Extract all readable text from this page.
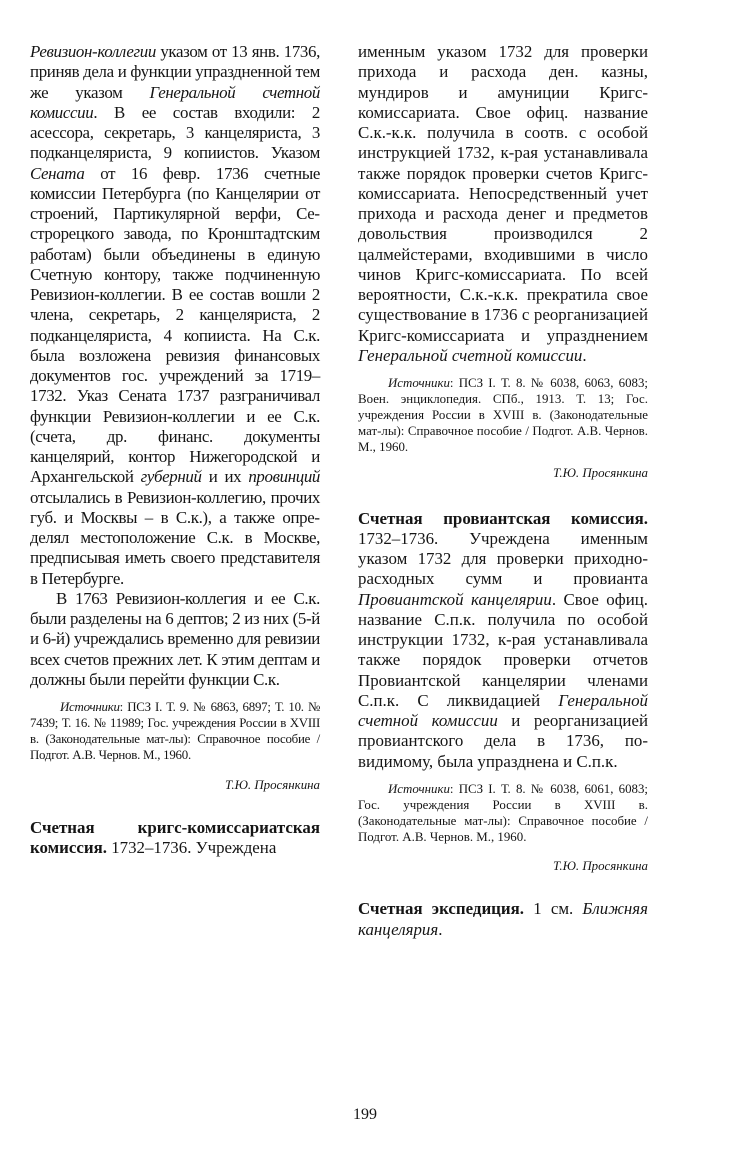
Ревизион-коллегии указом от 13 янв. 1736, приняв дела и функции упраздненной тем же указом Генеральной счетной комиссии. В ее состав входили: 2 асессора, секретарь, 3 канцеляриста, 3 подканцеляриста, 9 копиистов. Указом Сената от 16 февр. 1736 счетные комиссии Петербурга (по Канцелярии от строений, Партикулярной верфи, Сестрорецкого завода, по Кронштадтским работам) были объединены в единую Счетную контору, также подчиненную Ревизион-коллегии. В ее состав вошли 2 члена, секретарь, 2 канцеляриста, 2 подканцеляриста, 4 копииста. На С.к. была возложена ревизия финансовых документов гос. учреждений за 1719–1732. Указ Сената 1737 разграничивал функции Ревизион-коллегии и ее С.к. (счета, др. финанс. документы канцелярий, контор Нижегородской и Архангельской губерний и их провинций отсылались в Ревизион-коллегию, прочих губ. и Москвы – в С.к.), а также определял местоположение С.к. в Москве, предписывая иметь своего представителя в Петербурге.

В 1763 Ревизион-коллегия и ее С.к. были разделены на 6 дептов; 2 из них (5-й и 6-й) учреждались временно для ревизии всех счетов прежних лет. К этим дептам и должны были перейти функции С.к.

Источники: ПСЗ I. Т. 9. № 6863, 6897; Т. 10. № 7439; Т. 16. № 11989; Гос. учреждения России в XVIII в. (Законодательные мат-лы): Справочное пособие / Подгот. А.В. Чернов. М., 1960.

Т.Ю. Просянкина

Счетная кригс-комиссариатская комиссия. 1732–1736. Учреждена

именным указом 1732 для проверки прихода и расхода ден. казны, мундиров и амуниции Кригс-комиссариата. Свое офиц. название С.к.-к.к. получила в соотв. с особой инструкцией 1732, к-рая устанавливала также порядок проверки счетов Кригс-комиссариата. Непосредственный учет прихода и расхода денег и предметов довольствия производился 2 цалмейстерами, входившими в число чинов Кригс-комиссариата. По всей вероятности, С.к.-к.к. прекратила свое существование в 1736 с реорганизацией Кригс-комиссариата и упразднением Генеральной счетной комиссии.

Источники: ПСЗ I. Т. 8. № 6038, 6063, 6083; Воен. энциклопедия. СПб., 1913. Т. 13; Гос. учреждения России в XVIII в. (Законодательные мат-лы): Справочное пособие / Подгот. А.В. Чернов. М., 1960.

Т.Ю. Просянкина

Счетная провиантская комиссия. 1732–1736. Учреждена именным указом 1732 для проверки приходно-расходных сумм и провианта Провиантской канцелярии. Свое офиц. название С.п.к. получила по особой инструкции 1732, к-рая устанавливала также порядок проверки отчетов Провиантской канцелярии членами С.п.к. С ликвидацией Генеральной счетной комиссии и реорганизацией провиантского дела в 1736, по-видимому, была упразднена и С.п.к.

Источники: ПСЗ I. Т. 8. № 6038, 6061, 6083; Гос. учреждения России в XVIII в. (Законодательные мат-лы): Справочное пособие / Подгот. А.В. Чернов. М., 1960.

Т.Ю. Просянкина

Счетная экспедиция. 1 см. Ближняя канцелярия.

199
